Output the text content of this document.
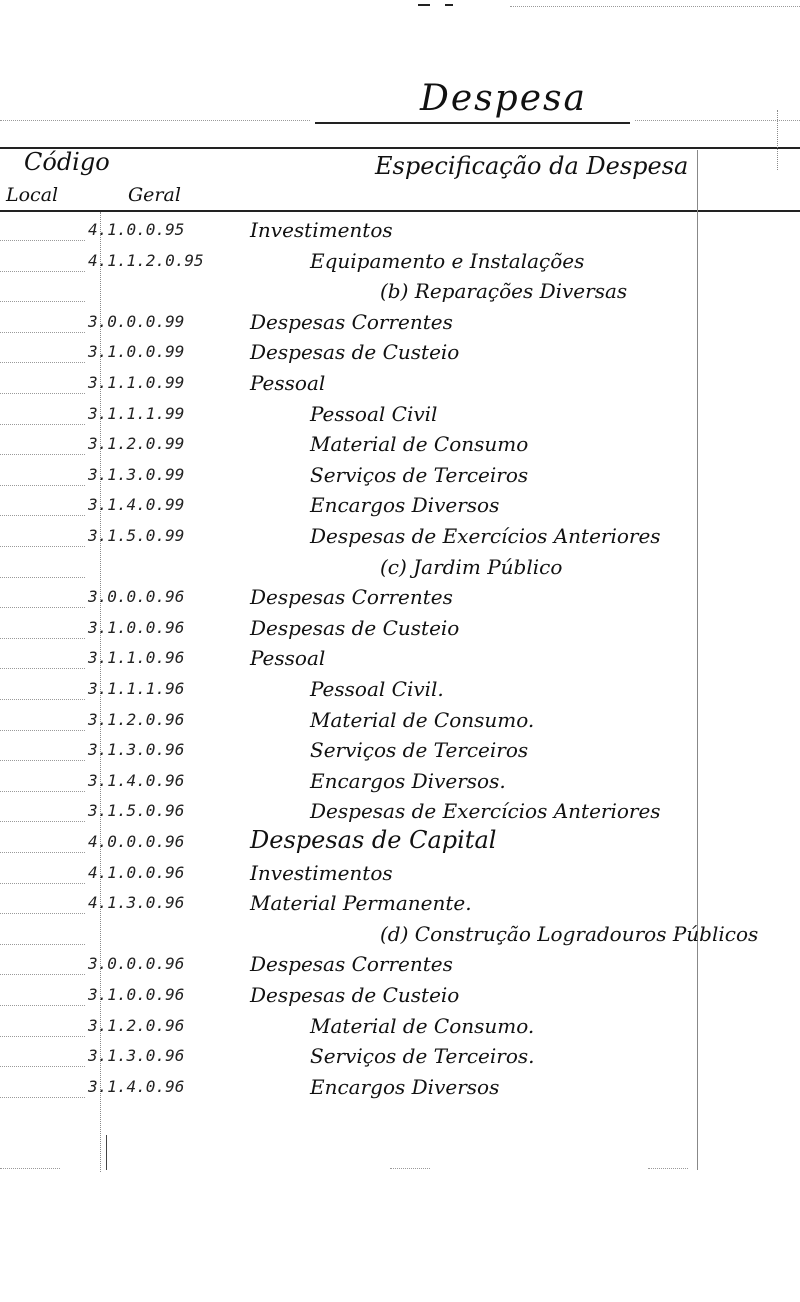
Despesa
Código	Especificação da Despesa
Local	Geral
4.1.0.0.95	Investimentos
4.1.1.2.0.95	Equipamento e Instalações
(b) Reparações Diversas
3.0.0.0.99	Despesas Correntes
3.1.0.0.99	Despesas de Custeio
3.1.1.0.99	Pessoal
3.1.1.1.99	Pessoal Civil
3.1.2.0.99	Material de Consumo
3.1.3.0.99	Serviços de Terceiros
3.1.4.0.99	Encargos Diversos
3.1.5.0.99	Despesas de Exercícios Anteriores
(c) Jardim Público
3.0.0.0.96	Despesas Correntes
3.1.0.0.96	Despesas de Custeio
3.1.1.0.96	Pessoal
3.1.1.1.96	Pessoal Civil.
3.1.2.0.96	Material de Consumo.
3.1.3.0.96	Serviços de Terceiros
3.1.4.0.96	Encargos Diversos.
3.1.5.0.96	Despesas de Exercícios Anteriores
4.0.0.0.96	Despesas de Capital
4.1.0.0.96	Investimentos
4.1.3.0.96	Material Permanente.
(d) Construção Logradouros Públicos
3.0.0.0.96	Despesas Correntes
3.1.0.0.96	Despesas de Custeio
3.1.2.0.96	Material de Consumo.
3.1.3.0.96	Serviços de Terceiros.
3.1.4.0.96	Encargos Diversos
